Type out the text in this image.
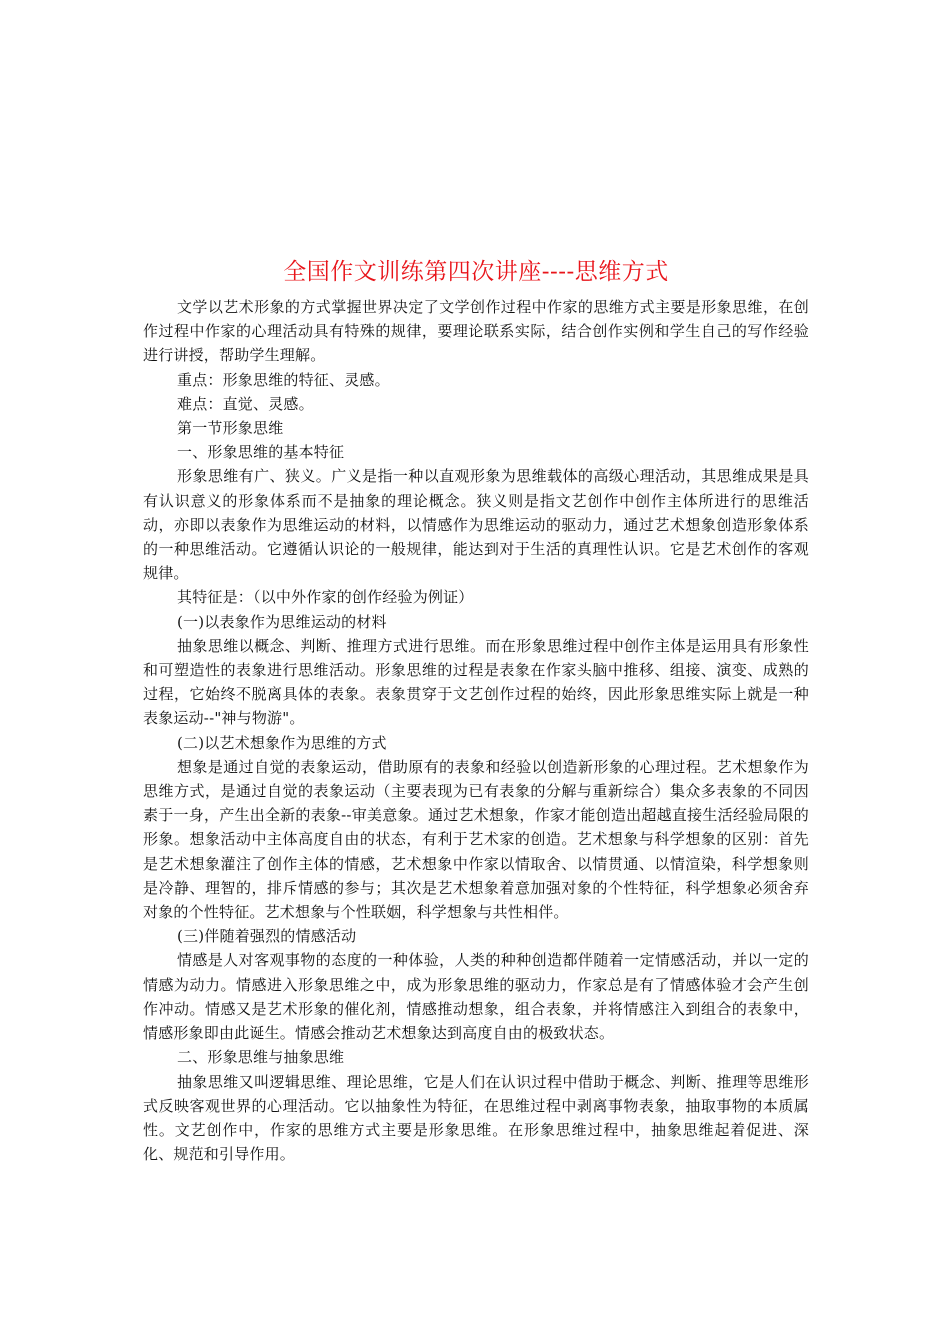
全国作文训练第四次讲座----思维方式

文学以艺术形象的方式掌握世界决定了文学创作过程中作家的思维方式主要是形象思维，在创作过程中作家的心理活动具有特殊的规律，要理论联系实际，结合创作实例和学生自己的写作经验进行讲授，帮助学生理解。

重点：形象思维的特征、灵感。

难点：直觉、灵感。

第一节形象思维

一、形象思维的基本特征

形象思维有广、狭义。广义是指一种以直观形象为思维载体的高级心理活动，其思维成果是具有认识意义的形象体系而不是抽象的理论概念。狭义则是指文艺创作中创作主体所进行的思维活动，亦即以表象作为思维运动的材料，以情感作为思维运动的驱动力，通过艺术想象创造形象体系的一种思维活动。它遵循认识论的一般规律，能达到对于生活的真理性认识。它是艺术创作的客观规律。

其特征是：（以中外作家的创作经验为例证）

(一)以表象作为思维运动的材料

抽象思维以概念、判断、推理方式进行思维。而在形象思维过程中创作主体是运用具有形象性和可塑造性的表象进行思维活动。形象思维的过程是表象在作家头脑中推移、组接、演变、成熟的过程，它始终不脱离具体的表象。表象贯穿于文艺创作过程的始终，因此形象思维实际上就是一种表象运动--"神与物游"。

(二)以艺术想象作为思维的方式

想象是通过自觉的表象运动，借助原有的表象和经验以创造新形象的心理过程。艺术想象作为思维方式，是通过自觉的表象运动（主要表现为已有表象的分解与重新综合）集众多表象的不同因素于一身，产生出全新的表象--审美意象。通过艺术想象，作家才能创造出超越直接生活经验局限的形象。想象活动中主体高度自由的状态，有利于艺术家的创造。艺术想象与科学想象的区别：首先是艺术想象灌注了创作主体的情感，艺术想象中作家以情取舍、以情贯通、以情渲染，科学想象则是冷静、理智的，排斥情感的参与；其次是艺术想象着意加强对象的个性特征，科学想象必须舍弃对象的个性特征。艺术想象与个性联姻，科学想象与共性相伴。

(三)伴随着强烈的情感活动

情感是人对客观事物的态度的一种体验，人类的种种创造都伴随着一定情感活动，并以一定的情感为动力。情感进入形象思维之中，成为形象思维的驱动力，作家总是有了情感体验才会产生创作冲动。情感又是艺术形象的催化剂，情感推动想象，组合表象，并将情感注入到组合的表象中，情感形象即由此诞生。情感会推动艺术想象达到高度自由的极致状态。

二、形象思维与抽象思维

抽象思维又叫逻辑思维、理论思维，它是人们在认识过程中借助于概念、判断、推理等思维形式反映客观世界的心理活动。它以抽象性为特征，在思维过程中剥离事物表象，抽取事物的本质属性。文艺创作中，作家的思维方式主要是形象思维。在形象思维过程中，抽象思维起着促进、深化、规范和引导作用。
